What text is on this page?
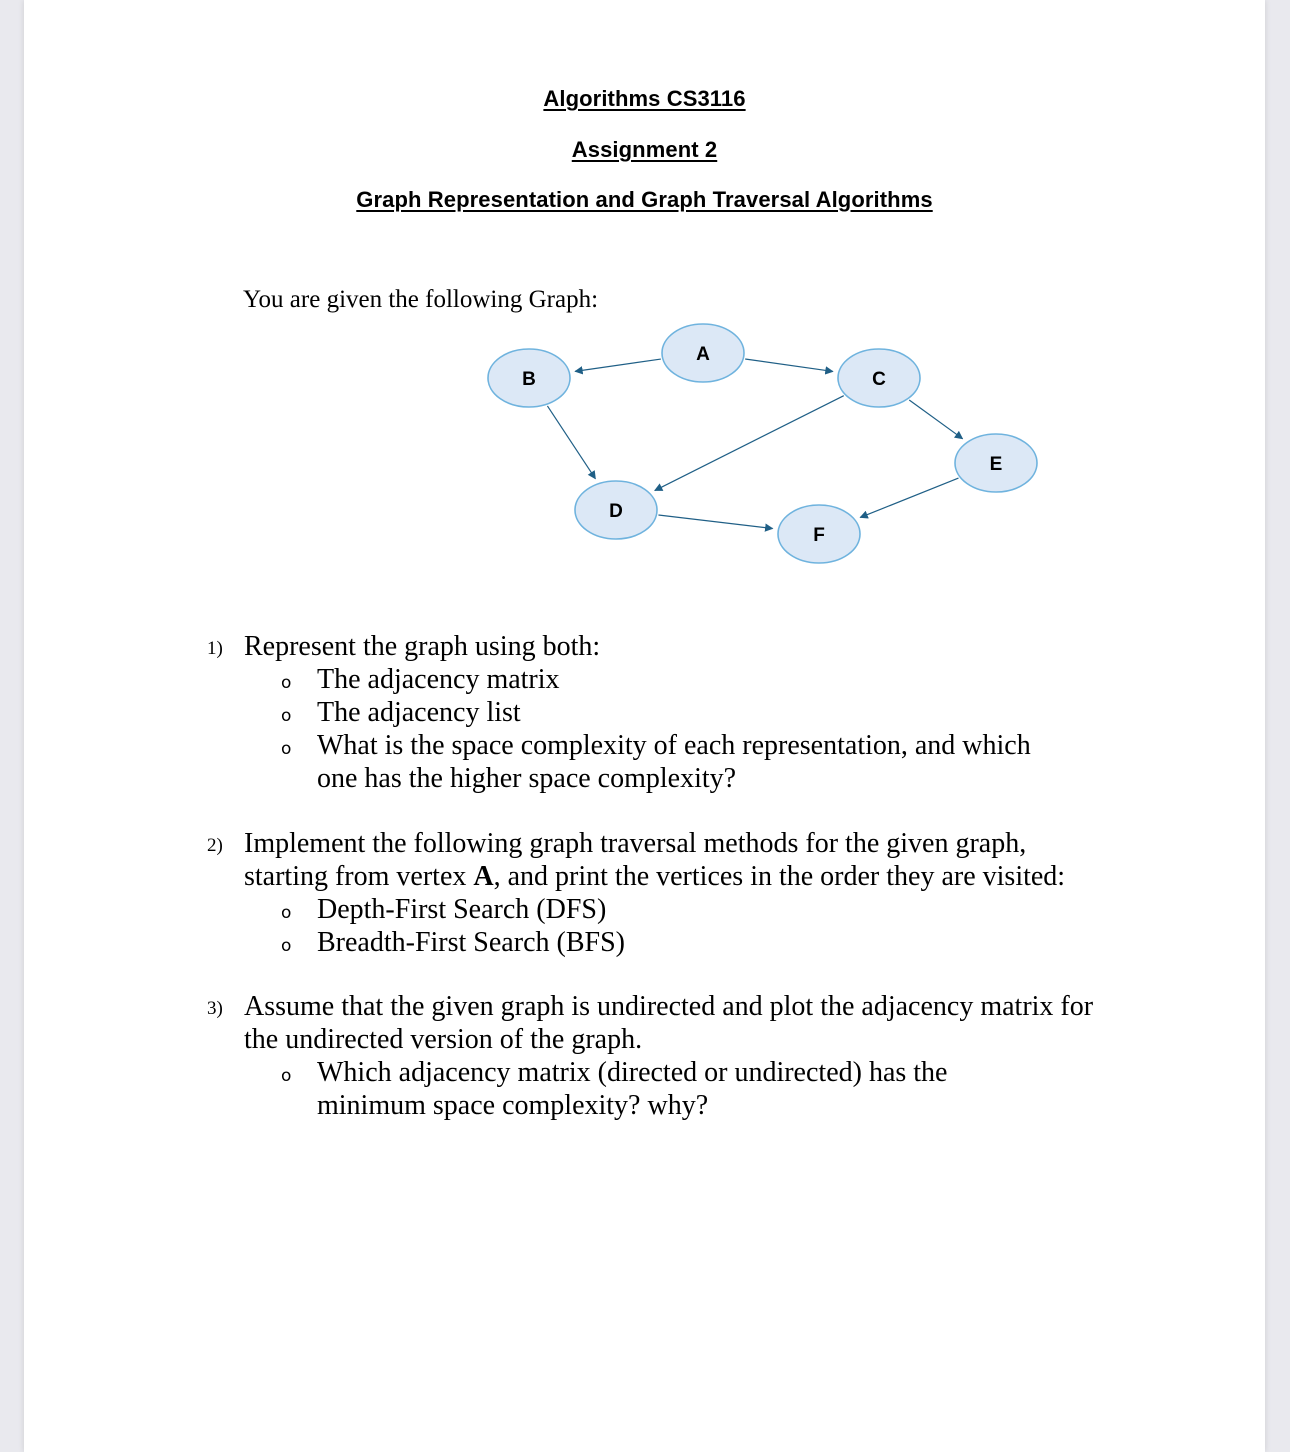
Algorithms CS3116
Assignment 2
Graph Representation and Graph Traversal Algorithms
You are given the following Graph:
A
B	C
D
E
F
1) Represent the graph using both:
o The adjacency matrix
o The adjacency list
o What is the space complexity of each representation, and which one has the higher space complexity?
2) Implement the following graph traversal methods for the given graph, starting from vertex A, and print the vertices in the order they are visited:
o Depth-First Search (DFS)
o Breadth-First Search (BFS)
3) Assume that the given graph is undirected and plot the adjacency matrix for the undirected version of the graph.
o Which adjacency matrix (directed or undirected) has the minimum space complexity? why?
